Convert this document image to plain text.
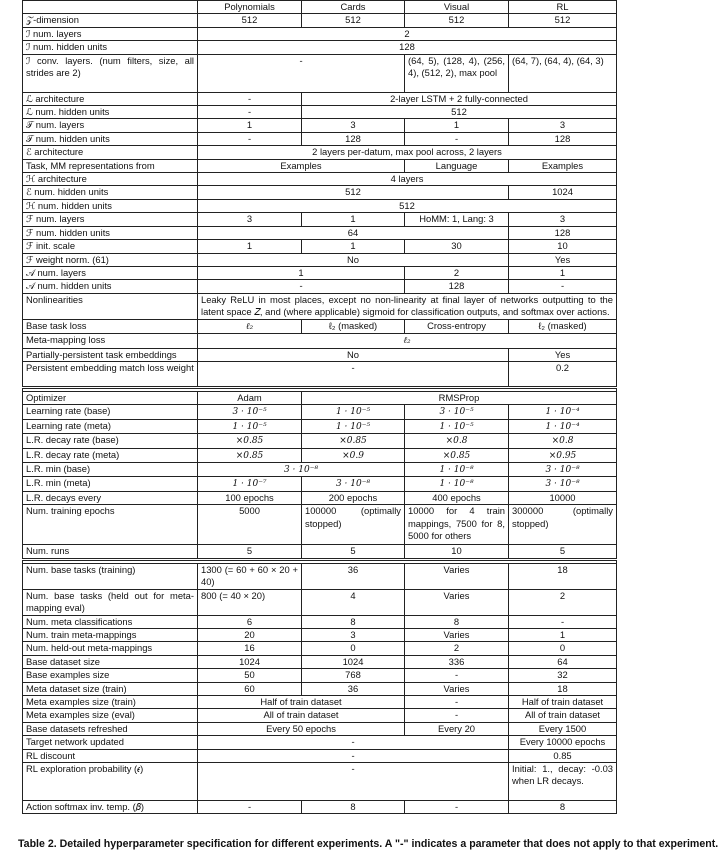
	Polynomials	Cards	Visual	RL
𝒵-dimension	512	512	512	512
ℐ num. layers	2			
ℐ num. hidden units	128			
ℐ conv. layers. (num filters, size, all strides are 2)	-		(64, 5), (128, 4), (256, 4), (512, 2), max pool	(64, 7), (64, 4), (64, 3)
ℒ architecture	-	2-layer LSTM + 2 fully-connected		
ℒ num. hidden units	-	512		
𝒯 num. layers	1	3	1	3
𝒯 num. hidden units	-	128	-	128
ℰ architecture	2 layers per-datum, max pool across, 2 layers			
Task, MM representations from	Examples		Language	Examples
ℋ architecture	4 layers			
ℰ num. hidden units	512			1024
ℋ num. hidden units	512			
ℱ num. layers	3	1	HoMM: 1, Lang: 3	3
ℱ num. hidden units	64			128
ℱ init. scale	1	1	30	10
ℱ weight norm. (61)	No			Yes
𝒜 num. layers	1		2	1
𝒜 num. hidden units	-		128	-
Nonlinearities	Leaky ReLU in most places, except no non-linearity at final layer of networks outputting to the latent space 𝑍, and (where applicable) sigmoid for classification outputs, and softmax over actions.			
Base task loss	ℓ₂	ℓ₂ (masked)	Cross-entropy	ℓ₂ (masked)
Meta-mapping loss	ℓ₂			
Partially-persistent task embeddings	No			Yes
Persistent embedding match loss weight	-			0.2

Optimizer	Adam	RMSProp		
Learning rate (base)	3 · 10⁻⁵	1 · 10⁻⁵	3 · 10⁻⁵	1 · 10⁻⁴
Learning rate (meta)	1 · 10⁻⁵	1 · 10⁻⁵	1 · 10⁻⁵	1 · 10⁻⁴
L.R. decay rate (base)	×0.85	×0.85	×0.8	×0.8
L.R. decay rate (meta)	×0.85	×0.9	×0.85	×0.95
L.R. min (base)	3 · 10⁻⁸		1 · 10⁻⁸	3 · 10⁻⁸
L.R. min (meta)	1 · 10⁻⁷	3 · 10⁻⁸	1 · 10⁻⁸	3 · 10⁻⁸
L.R. decays every	100 epochs	200 epochs	400 epochs	10000
Num. training epochs	5000	100000 (optimally stopped)	10000 for 4 train mappings, 7500 for 8, 5000 for others	300000 (optimally stopped)
Num. runs	5	5	10	5

Num. base tasks (training)	1300 (= 60 + 60 × 20 + 40)	36	Varies	18
Num. base tasks (held out for meta-mapping eval)	800 (= 40 × 20)	4	Varies	2
Num. meta classifications	6	8	8	-
Num. train meta-mappings	20	3	Varies	1
Num. held-out meta-mappings	16	0	2	0
Base dataset size	1024	1024	336	64
Base examples size	50	768	-	32
Meta dataset size (train)	60	36	Varies	18
Meta examples size (train)	Half of train dataset		-	Half of train dataset
Meta examples size (eval)	All of train dataset		-	All of train dataset
Base datasets refreshed	Every 50 epochs		Every 20	Every 1500
Target network updated	-			Every 10000 epochs
RL discount	-			0.85
RL exploration probability (𝜖)	-			Initial: 1., decay: -0.03 when LR decays.
Action softmax inv. temp. (𝛽)	-	8	-	8
Table 2. Detailed hyperparameter specification for different experiments. A "-" indicates a parameter that does not apply to that experiment.
